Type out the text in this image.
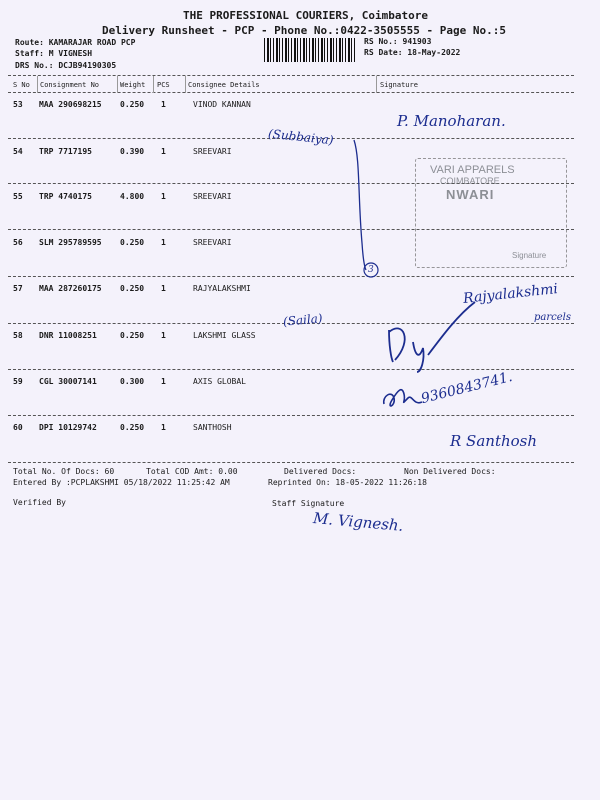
THE PROFESSIONAL COURIERS, Coimbatore
Delivery Runsheet - PCP - Phone No.:0422-3505555 - Page No.:5
Route: KAMARAJAR ROAD PCP
Staff: M VIGNESH
DRS No.: DCJB94190305
RS No.: 941903
RS Date: 18-May-2022
S No Consignment No	Weight PCS	Consignee Details	Signature
53 MAA 290698215 0.250 1	VINOD KANNAN
54 TRP 7717195	0.390 1	SREEVARI
55 TRP 4740175	4.800 1	SREEVARI
56 SLM 295789595 0.250 1	SREEVARI
57 MAA 287260175 0.250 1	RAJYALAKSHMI
58 DNR 11008251	0.250 1	LAKSHMI GLASS
59 CGL 30007141	0.300 1	AXIS GLOBAL
60 DPI 10129742	0.250 1	SANTHOSH
P. Manoharan.
(Subbaiya)
3
VARI APPARELS
COIMBATORE
NWARI
Signature
Rajyalakshmi
parcels
(Saila)
9360843741.
R Santhosh
Total No. Of Docs: 60	Total COD Amt: 0.00	Delivered Docs:	Non Delivered Docs:
Entered By :PCPLAKSHMI 05/18/2022 11:25:42 AM	Reprinted On: 18-05-2022 11:26:18
Verified By	Staff Signature
M. Vignesh.
